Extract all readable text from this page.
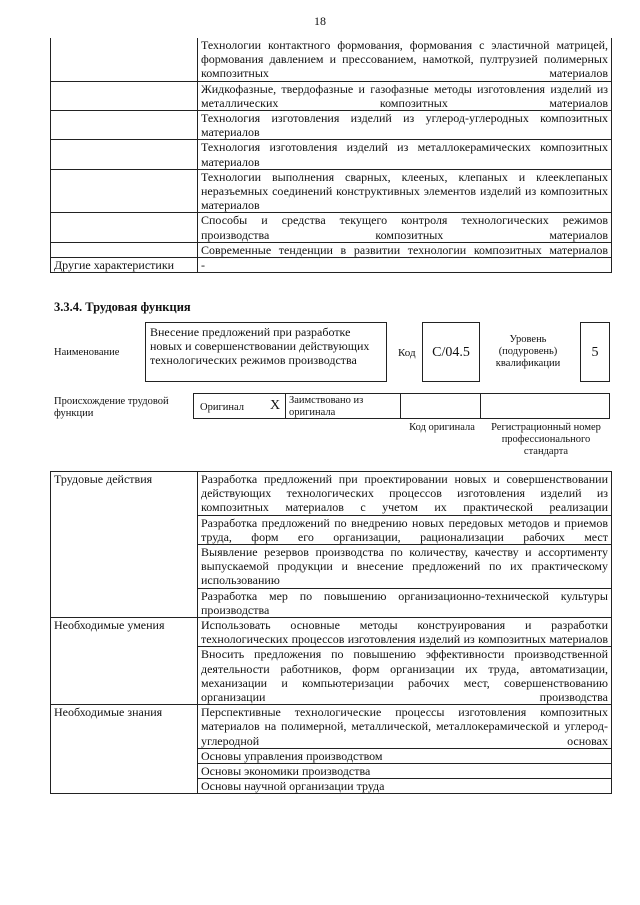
18
	Технологии контактного формования, формования с эластичной матрицей, формования давлением и прессованием, намоткой, пултрузией полимерных композитных материалов
	Жидкофазные, твердофазные и газофазные методы изготовления изделий из металлических композитных материалов
	Технология изготовления изделий из углерод-углеродных композитных материалов
	Технология изготовления изделий из металлокерамических композитных материалов
	Технологии выполнения сварных, клееных, клепаных и клееклепаных неразъемных соединений конструктивных элементов изделий из композитных материалов
	Способы и средства текущего контроля технологических режимов производства композитных материалов
	Современные тенденции в развитии технологии композитных материалов
Другие характеристики	-
3.3.4. Трудовая функция
Наименование
Внесение предложений при разработке новых и совершенствовании действующих технологических режимов производства	Код	C/04.5
Уровень (подуровень) квалификации
5
Происхождение трудовой функции
Оригинал X Заимствовано из оригинала
Код оригинала	Регистрационный номер профессионального стандарта
Трудовые действия	Разработка предложений при проектировании новых и совершенствовании действующих технологических процессов изготовления изделий из композитных материалов с учетом их практической реализации
	Разработка предложений по внедрению новых передовых методов и приемов труда, форм его организации, рационализации рабочих мест
	Выявление резервов производства по количеству, качеству и ассортименту выпускаемой продукции и внесение предложений по их практическому использованию
	Разработка мер по повышению организационно-технической культуры производства
Необходимые умения	Использовать основные методы конструирования и разработки технологических процессов изготовления изделий из композитных материалов
	Вносить предложения по повышению эффективности производственной деятельности работников, форм организации их труда, автоматизации, механизации и компьютеризации рабочих мест, совершенствованию организации производства
Необходимые знания	Перспективные технологические процессы изготовления композитных материалов на полимерной, металлической, металлокерамической и углерод-углеродной основах
	Основы управления производством
	Основы экономики производства
	Основы научной организации труда
